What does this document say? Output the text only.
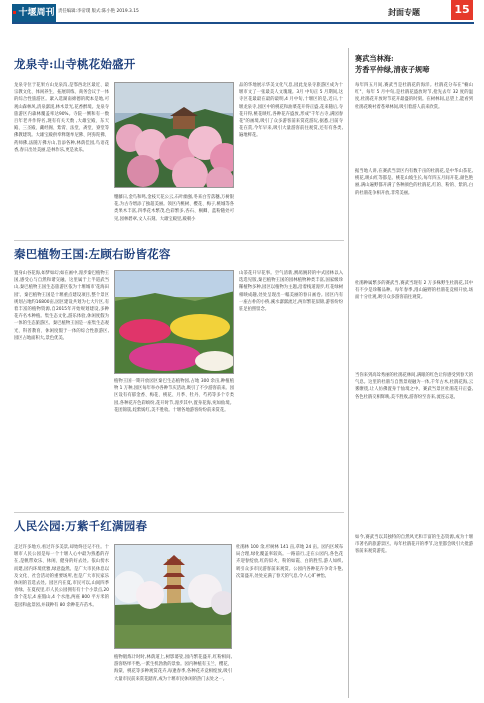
十堰周刊 责任编辑:李帝璞 版式:陈小艳 2019.3.15	封面专题	15
龙泉寺:山寺桃花始盛开
龙泉寺位于花果方山龙泉沟,是鄂西北区最近、最宗教文化、体闲养生、拓展训练、商务会议于一体的综合性旅游区。紧入选湖南绵德的爬本是地,可观山森林风,清泉潺湲,林木景光,花香醉境。龙泉寺旅游区内森林覆盖率达90%。寺院一侧和有一数百年老井作得名,现有有关天数 ,大雄宝殿、东天殿、三圣殿、藏经阁、紫霄、法堂、斋堂、寮堂等佛教建筑。大雄宝殿供奉释迦牟尼佛、阿弥陀佛、药师佛,法随万佛方山,旨添各种,林荫佳园,鸟语花香,春日出处美丽,是林作乐,更是欢乐。
绷藤日,金鸟和鸣,金枝天花公云,石叶幽强,冬来白雪落穗,万树银花,为古寺增添了独超美丽。领区内桃树、樱花、梅子,桃城等各类果木丰富,四季花木繁茂,色彩繁多,杏石、桐卿、蓝粉随处可见,园林碧翠,文人石刻。大雄宝殿里,殿朝小
品的华地展示华美文化气息,园此龙泉寺旅游区成为十堰市文了一张最美人文瑰瑰。3月 中旬正 5 月期间,这寺区花最最在最的最明,4 月中旬,十堰区的是,近日,十堰龙泉寺,园区中的桃花和油菜花开得正盛,花来随后,寺花开得,桃花映红,各种花卉盛放,形成"千年古寺,满园春花"的画境,吸引了众多游客前来赏花游玩,据悉,目前寺花在赏,今年早来,吸引大量游客前往观赏,还有有各类,遍地鲜花。
秦巴植物王国:左顾右盼皆花容
置身山谷花海,如梦如幻;如在画中,漫步秦巴植物王国,感受心与自然和谐交融。这里属于上半道武当山,秦巴植物王国生态旅游区依为十堰城市'花海田园'。秦巴植物王国是十堰重点建设项目,整个景区规划占地约16800亩,园区建设共划为七大片区,有着丰富的植物资源,自2015年开始规划建设,多种花卉名木种植。集生态文化,游乐体验,休闲度假为一体的生态旅游区。秦巴植物王国是一座集生态观光、科普教育、休闲度假于一体的综合性旅游区,园区占地面积大,景色优美。
植物王国一期开放园区秦巴生态植物园,占地 300 余亩,种植植物 1 万种,园区每年举办各种节庆活动,吸引了不少游客前来。园区设有有郁金香、梅花、桃花、月季、牡丹、芍药等多个专类园,各种花卉色彩缤纷,花开时节,漫步其中,置身花海,宛如仙境。花团锦簇,姹紫嫣红,美不胜收。十堰各地游客纷纷前来赏花。
山茶花开早花事。空气清新,鹧鸪婉转的中式园林以入选选见版,秦巴植物王国的园林植物种类丰富,国家级珍稀植物多种,园区以植物为主题,沿着栈道漫步,红花绿树相映成趣,处处呈现出一幅美丽的春日画卷。园区内有一座古朴的小桥,溪水潺潺流过,两岸繁花似锦,游客纷纷驻足拍照留念。
人民公园:万紫千红满园春
走过许多地方,看过许多美景,却始终还记不住。十堰市人民公园是每一个十堰人心中最为熟悉的存在,是帆带欢乐、休闲、健身的好去处。依山傍水而建,园内环境优雅,绿意盎然。是广大市民休息以及文化、社会活动的重要场所,也是广大市民家乐休闲的首选去处。园区内在夏,市民可以,山间四季青绿。在夏夜里,市人民公园拥有有十个小景点,20 余个花坛,4 座假山,4 个水池,两座 800 平方米的花园和盆景园,并栽种有 80 余种花卉苗木。
植物锻炼计时时,林荫道上,树影婆娑,园内繁花盛开,红粉相间,游客络绎不绝,一派生机勃勃的景象。园内种植有玉兰、樱花、海棠、桃花等多种观赏花卉,每逢春季,各种花卉竞相绽放,吸引大量市民前来赏花踏青,成为十堰市民休闲的热门去处之一。
杜鹃林 100 余,杉树林 141 亩,草地 24 亩。园内区域布局合理,绿化覆盖率较高。一路前行,走在公园内,各色花卉迎春绽放,红的似火、粉的如霞、白的胜雪,游人如织,吸引众多市民游客前来观赏。公园内各种花卉争奇斗艳,次第盛开,处处充满了春天的气息,令人心旷神怡。
赛武当林海:
芳香平仲绿,清夜子规啼
每年四五月间,赛武当是杜鹃花的海洋。杜鹃花分布在"楠山红"、每年 5 月中旬,是杜鹃花盛放时节,抢先去年 32 度的温度,杜鹃花开放时节花开最盛的时刻。在树林间,总望上,能看到杜鹃花映衬着苍翠林间,吸引着游人前来欣赏。
据当地人讲,在赛武当景区内有数千亩的杜鹃花,是中华山茶花,桃花,映山红等都是。桃花山坡生长,每年四五月间开花,颜色艳丽,满山遍野都开满了各种颜色的杜鹃花,红的、粉的、紫的,白的杜鹃花争相开放,非常美丽。
杜鹃种属繁多的赛武当,赛武当现有 2 万多株野生杜鹃花,其中有不少是珍稀品种。每年春季,漫山遍野的杜鹃花竞相开放,场面十分壮观,吸引众多游客前往观赏。
当你来到高耸秀丽的杜鹃花林间,满眼的红色让你感受到春天的气息。这里的杜鹃与自然景观融为一体,千年古木,杜鹃花海,云雾缭绕,让人仿佛置身于仙境之中。赛武当景区杜鹃花开正盛,各色杜鹃交相辉映,美不胜收,游客纷至沓来,流连忘返。
如今,赛武当以其独特的自然风光和丰富的生态资源,成为十堰市著名的旅游景区。每年杜鹃花开的季节,这里都会吸引大批游客前来观赏游览。
